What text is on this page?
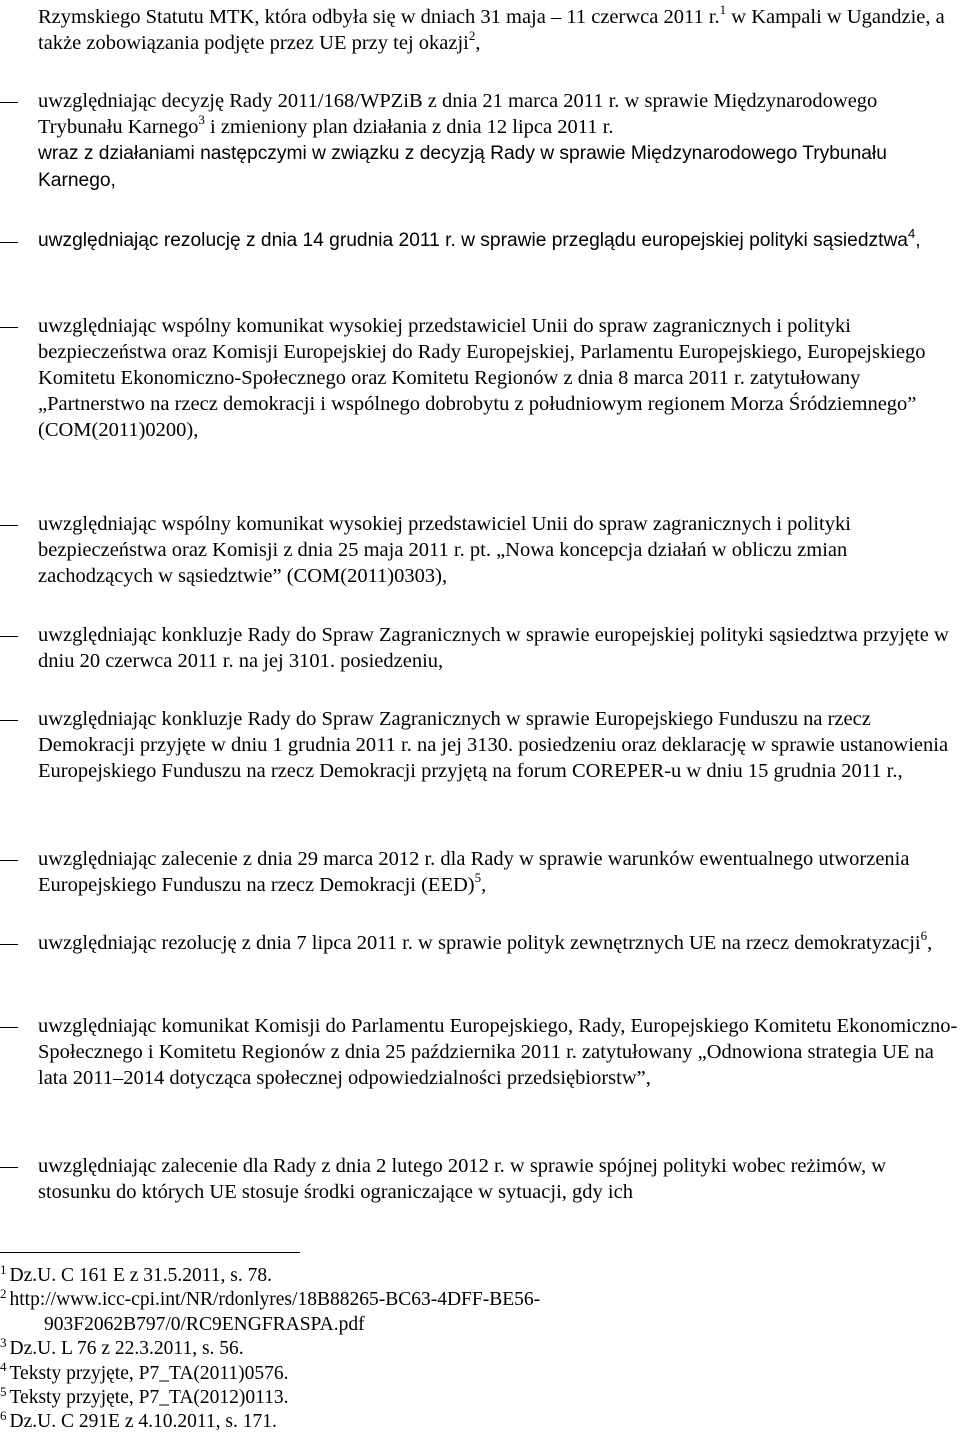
Rzymskiego Statutu MTK, która odbyła się w dniach 31 maja – 11 czerwca 2011 r.$^1$ w Kampali w Ugandzie, a także zobowiązania podjęte przez UE przy tej okazji$^2$,

uwzględniając decyzję Rady 2011/168/WPZiB z dnia 21 marca 2011 r. w sprawie Międzynarodowego Trybunału Karnego$^3$ i zmieniony plan działania z dnia 12 lipca 2011 r.
wraz z działaniami następczymi w związku z decyzją Rady w sprawie Międzynarodowego Trybunału Karnego,

uwzględniając rezolucję z dnia 14 grudnia 2011 r. w sprawie przeglądu europejskiej polityki sąsiedztwa$^4$,

uwzględniając wspólny komunikat wysokiej przedstawiciel Unii do spraw zagranicznych i polityki bezpieczeństwa oraz Komisji Europejskiej do Rady Europejskiej, Parlamentu Europejskiego, Europejskiego Komitetu Ekonomiczno-Społecznego oraz Komitetu Regionów z dnia 8 marca 2011 r. zatytułowany „Partnerstwo na rzecz demokracji i wspólnego dobrobytu z południowym regionem Morza Śródziemnego” (COM(2011)0200),

uwzględniając wspólny komunikat wysokiej przedstawiciel Unii do spraw zagranicznych i polityki bezpieczeństwa oraz Komisji z dnia 25 maja 2011 r. pt. „Nowa koncepcja działań w obliczu zmian zachodzących w sąsiedztwie” (COM(2011)0303),

uwzględniając konkluzje Rady do Spraw Zagranicznych w sprawie europejskiej polityki sąsiedztwa przyjęte w dniu 20 czerwca 2011 r. na jej 3101. posiedzeniu,

uwzględniając konkluzje Rady do Spraw Zagranicznych w sprawie Europejskiego Funduszu na rzecz Demokracji przyjęte w dniu 1 grudnia 2011 r. na jej 3130. posiedzeniu oraz deklarację w sprawie ustanowienia Europejskiego Funduszu na rzecz Demokracji przyjętą na forum COREPER-u w dniu 15 grudnia 2011 r.,

uwzględniając zalecenie z dnia 29 marca 2012 r. dla Rady w sprawie warunków ewentualnego utworzenia Europejskiego Funduszu na rzecz Demokracji (EED)$^5$,

uwzględniając rezolucję z dnia 7 lipca 2011 r. w sprawie polityk zewnętrznych UE na rzecz demokratyzacji$^6$,

uwzględniając komunikat Komisji do Parlamentu Europejskiego, Rady, Europejskiego Komitetu Ekonomiczno-Społecznego i Komitetu Regionów z dnia 25 października 2011 r. zatytułowany „Odnowiona strategia UE na lata 2011–2014 dotycząca społecznej odpowiedzialności przedsiębiorstw”,

uwzględniając zalecenie dla Rady z dnia 2 lutego 2012 r. w sprawie spójnej polityki wobec reżimów, w stosunku do których UE stosuje środki ograniczające w sytuacji, gdy ich

$^1$ Dz.U. C 161 E z 31.5.2011, s. 78.
$^2$ http://www.icc-cpi.int/NR/rdonlyres/18B88265-BC63-4DFF-BE56-
903F2062B797/0/RC9ENGFRASPA.pdf
$^3$ Dz.U. L 76 z 22.3.2011, s. 56.
$^4$ Teksty przyjęte, P7_TA(2011)0576.
$^5$ Teksty przyjęte, P7_TA(2012)0113.
$^6$ Dz.U. C 291E z 4.10.2011, s. 171.
